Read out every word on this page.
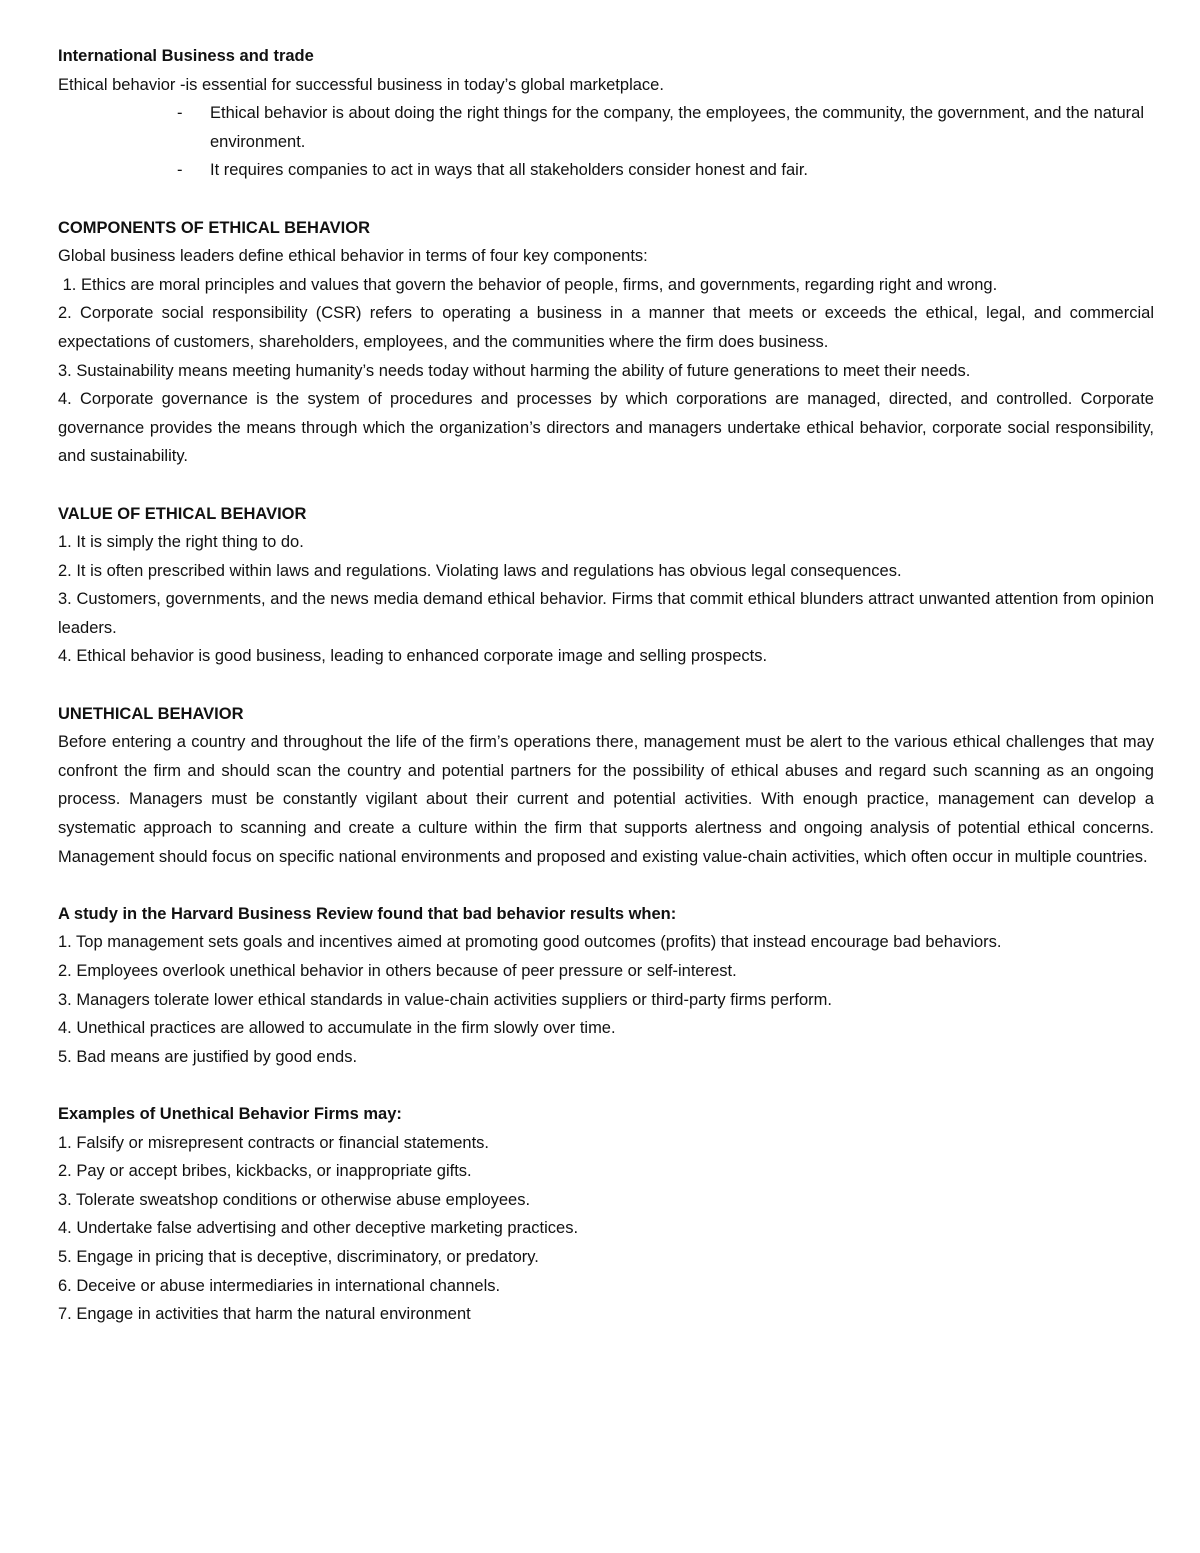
International Business and trade

Ethical behavior -is essential for successful business in today’s global marketplace.

- Ethical behavior is about doing the right things for the company, the employees, the community, the government, and the natural environment.
- It requires companies to act in ways that all stakeholders consider honest and fair.

COMPONENTS OF ETHICAL BEHAVIOR

Global business leaders define ethical behavior in terms of four key components:

1. Ethics are moral principles and values that govern the behavior of people, firms, and governments, regarding right and wrong.

2. Corporate social responsibility (CSR) refers to operating a business in a manner that meets or exceeds the ethical, legal, and commercial expectations of customers, shareholders, employees, and the communities where the firm does business.

3. Sustainability means meeting humanity’s needs today without harming the ability of future generations to meet their needs.

4. Corporate governance is the system of procedures and processes by which corporations are managed, directed, and controlled. Corporate governance provides the means through which the organization’s directors and managers undertake ethical behavior, corporate social responsibility, and sustainability.

VALUE OF ETHICAL BEHAVIOR

1. It is simply the right thing to do.

2. It is often prescribed within laws and regulations. Violating laws and regulations has obvious legal consequences.

3. Customers, governments, and the news media demand ethical behavior. Firms that commit ethical blunders attract unwanted attention from opinion leaders.

4. Ethical behavior is good business, leading to enhanced corporate image and selling prospects.

UNETHICAL BEHAVIOR

Before entering a country and throughout the life of the firm’s operations there, management must be alert to the various ethical challenges that may confront the firm and should scan the country and potential partners for the possibility of ethical abuses and regard such scanning as an ongoing process. Managers must be constantly vigilant about their current and potential activities. With enough practice, management can develop a systematic approach to scanning and create a culture within the firm that supports alertness and ongoing analysis of potential ethical concerns. Management should focus on specific national environments and proposed and existing value-chain activities, which often occur in multiple countries.

A study in the Harvard Business Review found that bad behavior results when:

1. Top management sets goals and incentives aimed at promoting good outcomes (profits) that instead encourage bad behaviors.

2. Employees overlook unethical behavior in others because of peer pressure or self-interest.

3. Managers tolerate lower ethical standards in value-chain activities suppliers or third-party firms perform.

4. Unethical practices are allowed to accumulate in the firm slowly over time.

5. Bad means are justified by good ends.

Examples of Unethical Behavior Firms may:

1. Falsify or misrepresent contracts or financial statements.

2. Pay or accept bribes, kickbacks, or inappropriate gifts.

3. Tolerate sweatshop conditions or otherwise abuse employees.

4. Undertake false advertising and other deceptive marketing practices.

5. Engage in pricing that is deceptive, discriminatory, or predatory.

6. Deceive or abuse intermediaries in international channels.

7. Engage in activities that harm the natural environment
